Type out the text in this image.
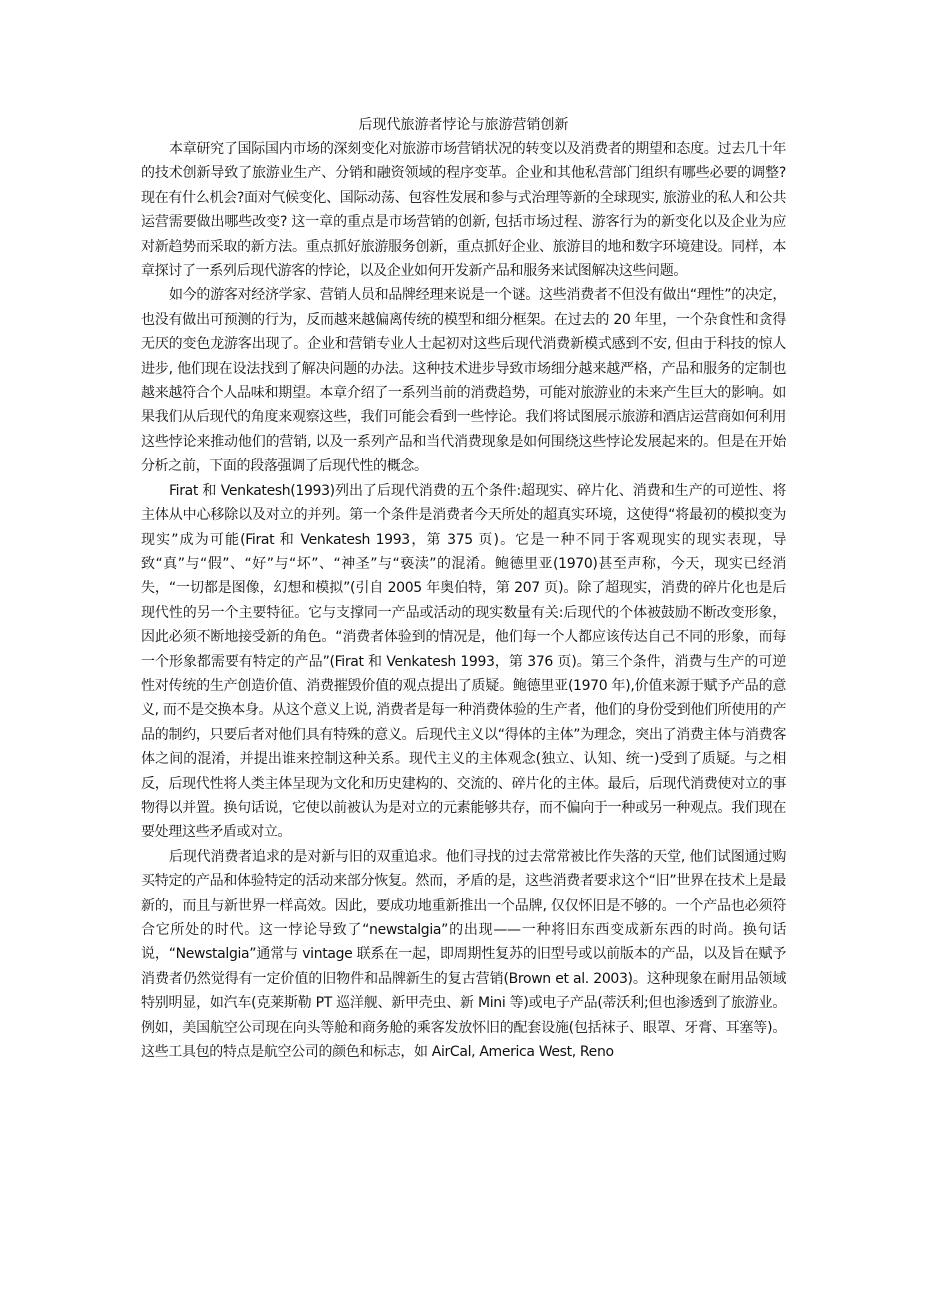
后现代旅游者悖论与旅游营销创新

本章研究了国际国内市场的深刻变化对旅游市场营销状况的转变以及消费者的期望和态度。过去几十年的技术创新导致了旅游业生产、分销和融资领域的程序变革。企业和其他私营部门组织有哪些必要的调整?现在有什么机会?面对气候变化、国际动荡、包容性发展和参与式治理等新的全球现实, 旅游业的私人和公共运营需要做出哪些改变? 这一章的重点是市场营销的创新, 包括市场过程、游客行为的新变化以及企业为应对新趋势而采取的新方法。重点抓好旅游服务创新，重点抓好企业、旅游目的地和数字环境建设。同样，本章探讨了一系列后现代游客的悖论，以及企业如何开发新产品和服务来试图解决这些问题。

如今的游客对经济学家、营销人员和品牌经理来说是一个谜。这些消费者不但没有做出“理性”的决定，也没有做出可预测的行为，反而越来越偏离传统的模型和细分框架。在过去的 20 年里，一个杂食性和贪得无厌的变色龙游客出现了。企业和营销专业人士起初对这些后现代消费新模式感到不安, 但由于科技的惊人进步, 他们现在设法找到了解决问题的办法。这种技术进步导致市场细分越来越严格，产品和服务的定制也越来越符合个人品味和期望。本章介绍了一系列当前的消费趋势，可能对旅游业的未来产生巨大的影响。如果我们从后现代的角度来观察这些，我们可能会看到一些悖论。我们将试图展示旅游和酒店运营商如何利用这些悖论来推动他们的营销, 以及一系列产品和当代消费现象是如何围绕这些悖论发展起来的。但是在开始分析之前，下面的段落强调了后现代性的概念。

Firat 和 Venkatesh(1993)列出了后现代消费的五个条件:超现实、碎片化、消费和生产的可逆性、将主体从中心移除以及对立的并列。第一个条件是消费者今天所处的超真实环境，这使得“将最初的模拟变为现实”成为可能(Firat 和 Venkatesh 1993，第 375 页)。它是一种不同于客观现实的现实表现，导致“真”与“假”、“好”与“坏”、“神圣”与“亵渎”的混淆。鲍德里亚(1970)甚至声称，今天，现实已经消失，“一切都是图像，幻想和模拟”(引自 2005 年奥伯特，第 207 页)。除了超现实，消费的碎片化也是后现代性的另一个主要特征。它与支撑同一产品或活动的现实数量有关:后现代的个体被鼓励不断改变形象，因此必须不断地接受新的角色。“消费者体验到的情况是，他们每一个人都应该传达自己不同的形象，而每一个形象都需要有特定的产品”(Firat 和 Venkatesh 1993，第 376 页)。第三个条件，消费与生产的可逆性对传统的生产创造价值、消费摧毁价值的观点提出了质疑。鲍德里亚(1970 年),价值来源于赋予产品的意义, 而不是交换本身。从这个意义上说, 消费者是每一种消费体验的生产者，他们的身份受到他们所使用的产品的制约，只要后者对他们具有特殊的意义。后现代主义以“得体的主体”为理念，突出了消费主体与消费客体之间的混淆，并提出谁来控制这种关系。现代主义的主体观念(独立、认知、统一)受到了质疑。与之相反，后现代性将人类主体呈现为文化和历史建构的、交流的、碎片化的主体。最后，后现代消费使对立的事物得以并置。换句话说，它使以前被认为是对立的元素能够共存，而不偏向于一种或另一种观点。我们现在要处理这些矛盾或对立。

后现代消费者追求的是对新与旧的双重追求。他们寻找的过去常常被比作失落的天堂, 他们试图通过购买特定的产品和体验特定的活动来部分恢复。然而，矛盾的是，这些消费者要求这个“旧”世界在技术上是最新的，而且与新世界一样高效。因此，要成功地重新推出一个品牌, 仅仅怀旧是不够的。一个产品也必须符合它所处的时代。这一悖论导致了“newstalgia”的出现——一种将旧东西变成新东西的时尚。换句话说，“Newstalgia”通常与 vintage 联系在一起，即周期性复苏的旧型号或以前版本的产品，以及旨在赋予消费者仍然觉得有一定价值的旧物件和品牌新生的复古营销(Brown et al. 2003)。这种现象在耐用品领域特别明显，如汽车(克莱斯勒 PT 巡洋舰、新甲壳虫、新 Mini 等)或电子产品(蒂沃利;但也渗透到了旅游业。例如，美国航空公司现在向头等舱和商务舱的乘客发放怀旧的配套设施(包括袜子、眼罩、牙膏、耳塞等)。这些工具包的特点是航空公司的颜色和标志，如 AirCal, America West, Reno
